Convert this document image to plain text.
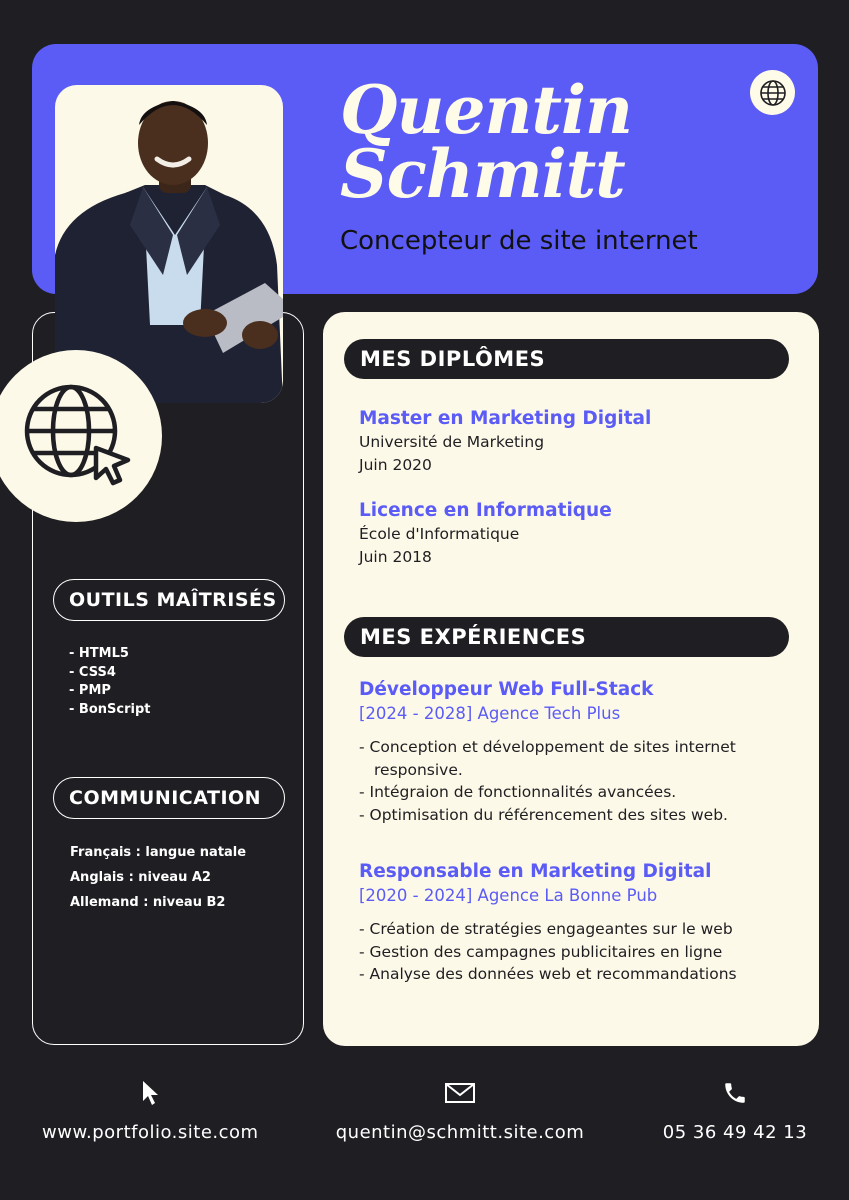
Quentin
Schmitt
Concepteur de site internet
OUTILS MAÎTRISÉS
- HTML5
- CSS4
- PMP
- BonScript
COMMUNICATION
Français : langue natale
Anglais : niveau A2
Allemand : niveau B2
MES DIPLÔMES
Master en Marketing Digital
Université de Marketing
Juin 2020
Licence en Informatique
École d'Informatique
Juin 2018
MES EXPÉRIENCES
Développeur Web Full-Stack
[2024 - 2028] Agence Tech Plus
- Conception et développement de sites internet
responsive.
- Intégraion de fonctionnalités avancées.
- Optimisation du référencement des sites web.
Responsable en Marketing Digital
[2020 - 2024] Agence La Bonne Pub
- Création de stratégies engageantes sur le web
- Gestion des campagnes publicitaires en ligne
- Analyse des données web et recommandations
www.portfolio.site.com	quentin@schmitt.site.com	05 36 49 42 13
